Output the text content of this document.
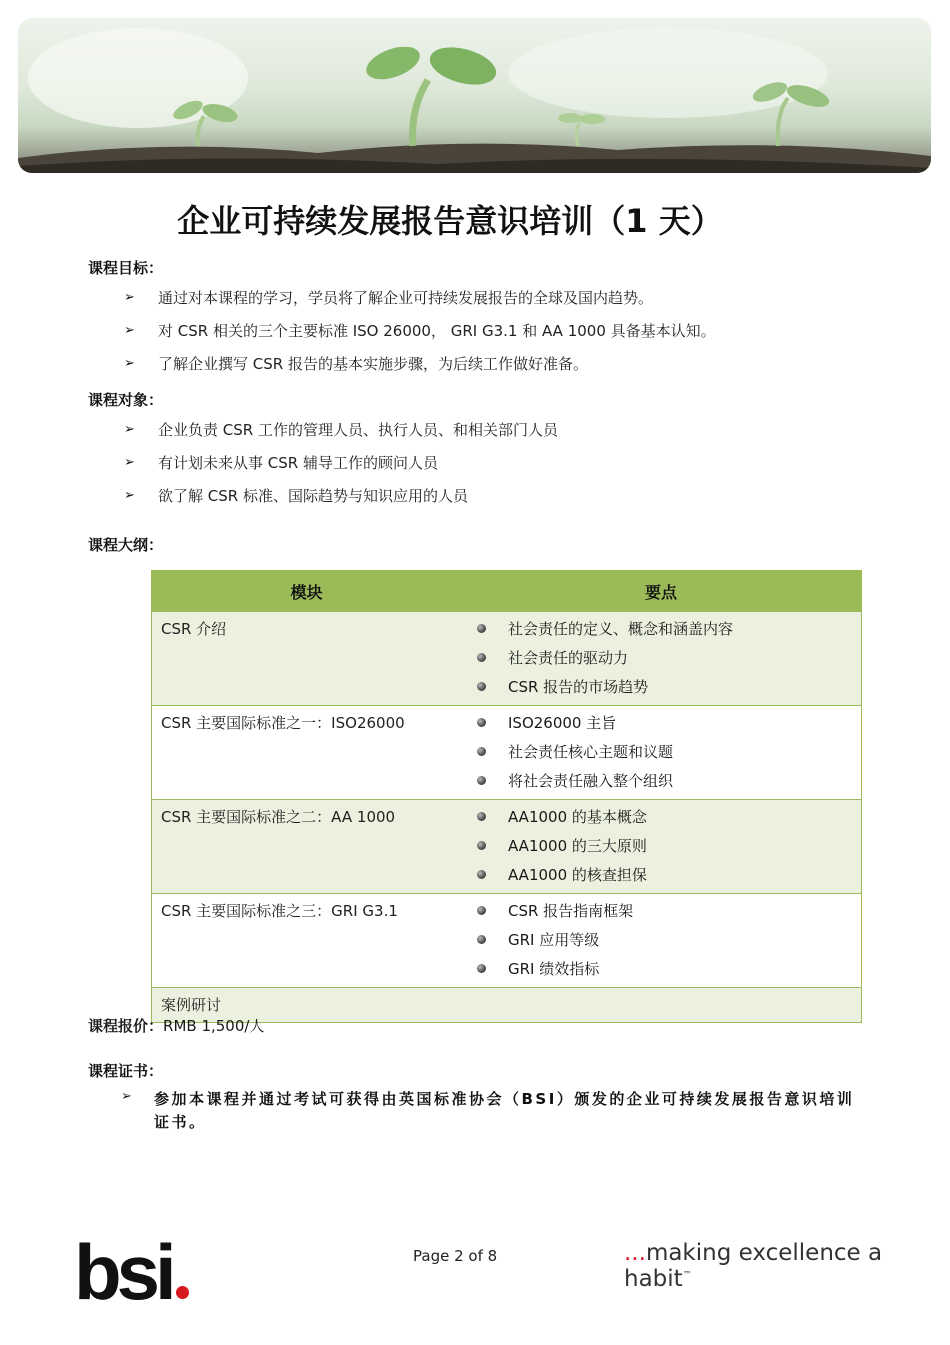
企业可持续发展报告意识培训（1 天）
课程目标：
➢ 通过对本课程的学习，学员将了解企业可持续发展报告的全球及国内趋势。
➢ 对 CSR 相关的三个主要标准 ISO 26000， GRI G3.1 和 AA 1000 具备基本认知。
➢ 了解企业撰写 CSR 报告的基本实施步骤，为后续工作做好准备。
课程对象：
➢ 企业负责 CSR 工作的管理人员、执行人员、和相关部门人员
➢ 有计划未来从事 CSR 辅导工作的顾问人员
➢ 欲了解 CSR 标准、国际趋势与知识应用的人员
课程大纲：
模块	要点
CSR 介绍	社会责任的定义、概念和涵盖内容
社会责任的驱动力
CSR 报告的市场趋势

CSR 主要国际标准之一：ISO26000	ISO26000 主旨
社会责任核心主题和议题
将社会责任融入整个组织

CSR 主要国际标准之二：AA 1000	AA1000 的基本概念
AA1000 的三大原则
AA1000 的核查担保

CSR 主要国际标准之三：GRI G3.1	CSR 报告指南框架
GRI 应用等级
GRI 绩效指标

案例研讨	
课程报价：RMB 1,500/人
课程证书：
➢ 参加本课程并通过考试可获得由英国标准协会（BSI）颁发的企业可持续发展报告意识培训证书。
bsi	Page 2 of 8	...making excellence a habit™
